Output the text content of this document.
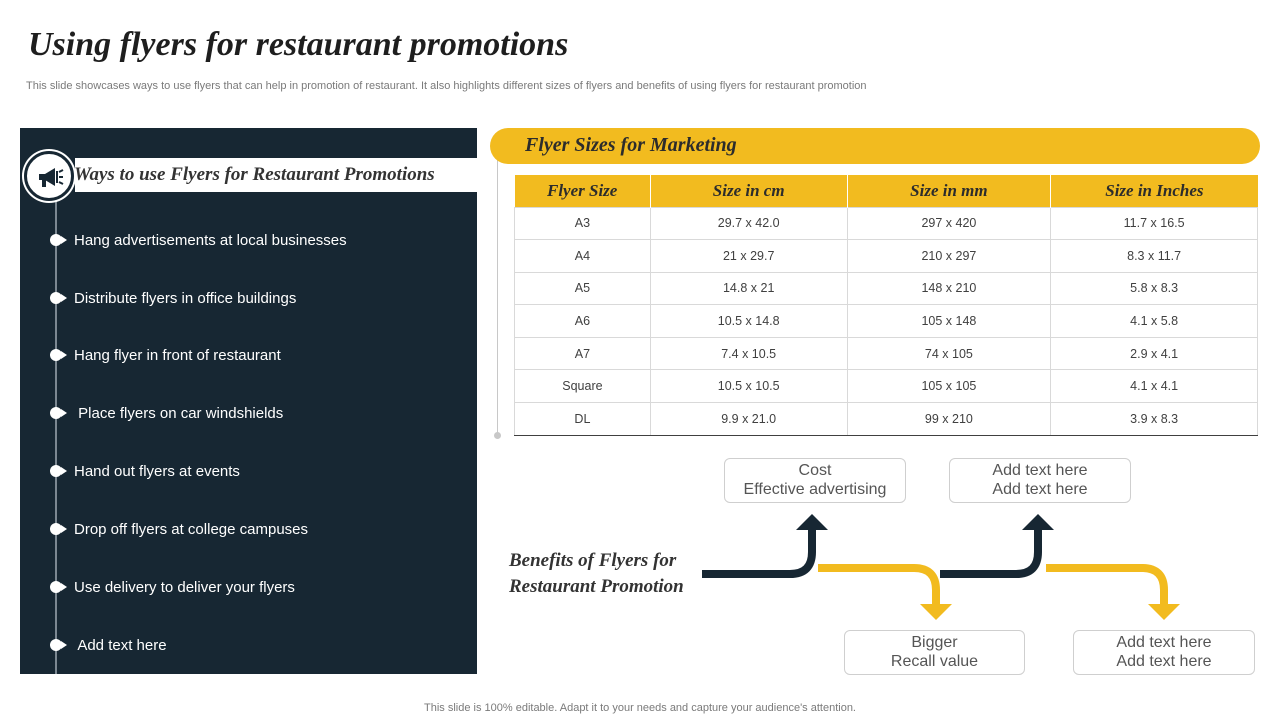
Using flyers for restaurant promotions
This slide showcases ways to use flyers that can help in promotion of restaurant. It also highlights different sizes of flyers and benefits of using flyers for restaurant promotion
Ways to use Flyers for Restaurant Promotions
Hang advertisements at local businesses
Distribute flyers in office buildings
Hang flyer in front of restaurant
Place flyers on car windshields
Hand out flyers at events
Drop off flyers at college campuses
Use delivery to deliver your flyers
Add text here
Flyer Sizes for Marketing
Flyer Size	Size in cm	Size in mm	Size in Inches
A3	29.7 x 42.0	297 x 420	11.7 x 16.5
A4	21 x 29.7	210 x 297	8.3 x 11.7
A5	14.8 x 21	148 x 210	5.8 x 8.3
A6	10.5 x 14.8	105 x 148	4.1 x 5.8
A7	7.4 x 10.5	74 x 105	2.9 x 4.1
Square	10.5 x 10.5	105 x 105	4.1 x 4.1
DL	9.9 x 21.0	99 x 210	3.9 x 8.3
Benefits of Flyers for
Restaurant Promotion
Cost
Effective advertising
Add text here
Add text here
Bigger
Recall value
Add text here
Add text here
This slide is 100% editable. Adapt it to your needs and capture your audience's attention.
